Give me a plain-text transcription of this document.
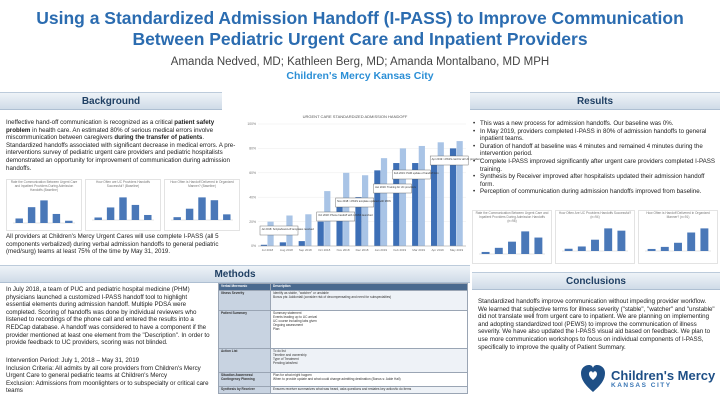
Using a Standardized Admission Handoff (I-PASS) to Improve Communication
Between Pediatric Urgent Care and Inpatient Providers
Amanda Nedved, MD; Kathleen Berg, MD; Amanda Montalbano, MD MPH
Children's Mercy Kansas City
Background
Ineffective hand-off communication is recognized as a critical patient safety problem in health care. An estimated 80% of serious medical errors involve miscommunication between caregivers during the transfer of patients. Standardized handoffs associated with significant decrease in medical errors. A pre-interventions survey of pediatric urgent care providers and pediatric hospitalists demonstrated an opportunity for improvement of communication during admission handoffs.
Rate the Communication Between Urgent Care and Inpatient Providers During Admission Handoffs (Baseline)
How Often are UC Providers Handoffs Successful? (Baseline)
How Often is Handoff Delivered in Organized Manner? (Baseline)
All providers at Children's Mercy Urgent Cares will use complete I-PASS (all 5 components verbalized) during verbal admission handoffs to general pediatric (med/surg) teams at least 75% of the time by May 31, 2019.
Results
URGENT CARE STANDARDIZED ADMISSION HANDOFF
0%
20%
40%
60%
80%
100%
Jul 2018 Aug 2018 Sep 2018 Oct 2018 Nov 2018 Dec 2018 Jan 2019 Feb 2019 Mar 2019 Apr 2019 May 2019
Jul 2018: Scripts/Hand-off templates received
Oct 2018: Phone handoff with I-PASS launched
Nov 2018: I-PASS template updated with MRN
Jan 2019: Training for UC providers
Feb 2019: PHM update of handoff form
Apr 2019: I-PASS card for all UC providers
• This was a new process for admission handoffs. Our baseline was 0%.
• In May 2019, providers completed I-PASS in 80% of admission handoffs to general inpatient teams.
• Duration of handoff at baseline was 4 minutes and remained 4 minutes during the intervention period.
• Complete I-PASS improved significantly after urgent care providers completed I-PASS training.
• Synthesis by Receiver improved after hospitalists updated their admission handoff form.
• Perception of communication during admission handoffs improved from baseline.
Rate the Communication Between Urgent Care and Inpatient Providers During Admission Handoffs (n=98)
How Often Are UC Providers Handoffs Successful? (n=94)
How Often is Handoff Delivered in Organized Manner? (n=91)
Methods
In July 2018, a team of PUC and pediatric hospital medicine (PHM) physicians launched a customized I-PASS handoff tool to highlight essential elements during admission handoff. Multiple PDSA were completed. Scoring of handoffs was done by individual reviewers who listened to recordings of the phone call and entered the results into a REDCap database. A handoff was considered to have a component if the provider mentioned at least one element from the "Description". In order to provide feedback to UC providers, scoring was not blinded.
Intervention Period: July 1, 2018 – May 31, 2019
Inclusion Criteria: All admits by all core providers from Children's Mercy Urgent Care to general pediatric teams at Children's Mercy
Exclusion: Admissions from moonlighters or to subspecialty or critical care teams
Verbal Mnemonic	Description
Illness Severity	Identify as stable, "watcher" or unstable
Bonus pts: Addiontall (consider risk of decompensating and need for subspecialties)
Patient Summary	Summary statement
Events leading up to UC arrival
UC course including labs given
Ongoing assessment
Plan
Action List	To do list
Timeline and ownership
Type of Treatment
Pending labs/test
Situation Awareness/ Contingency Planning	Plan for what might happen
When to provide update and what could change admitting destination (Bonus s: Adde Hall)
Synthesis by Receiver	Ensures receiver summarizes what was heard, asks questions and restates key action/to do items
Conclusions
Standardized handoffs improve communication without impeding provider workflow. We learned that subjective terms for illness severity ("stable", "watcher" and "unstable" did not translate well from urgent care to inpatient. We are planning on implementing and adopting standardized tool (PEWS) to improve the communication of illness severity. We have also updated the I-PASS visual aid based on feedback. We plan to use more communication workshops to focus on individual components of I-PASS, specifically to improve the quality of Patient Summary.
Children's Mercy
KANSAS CITY
